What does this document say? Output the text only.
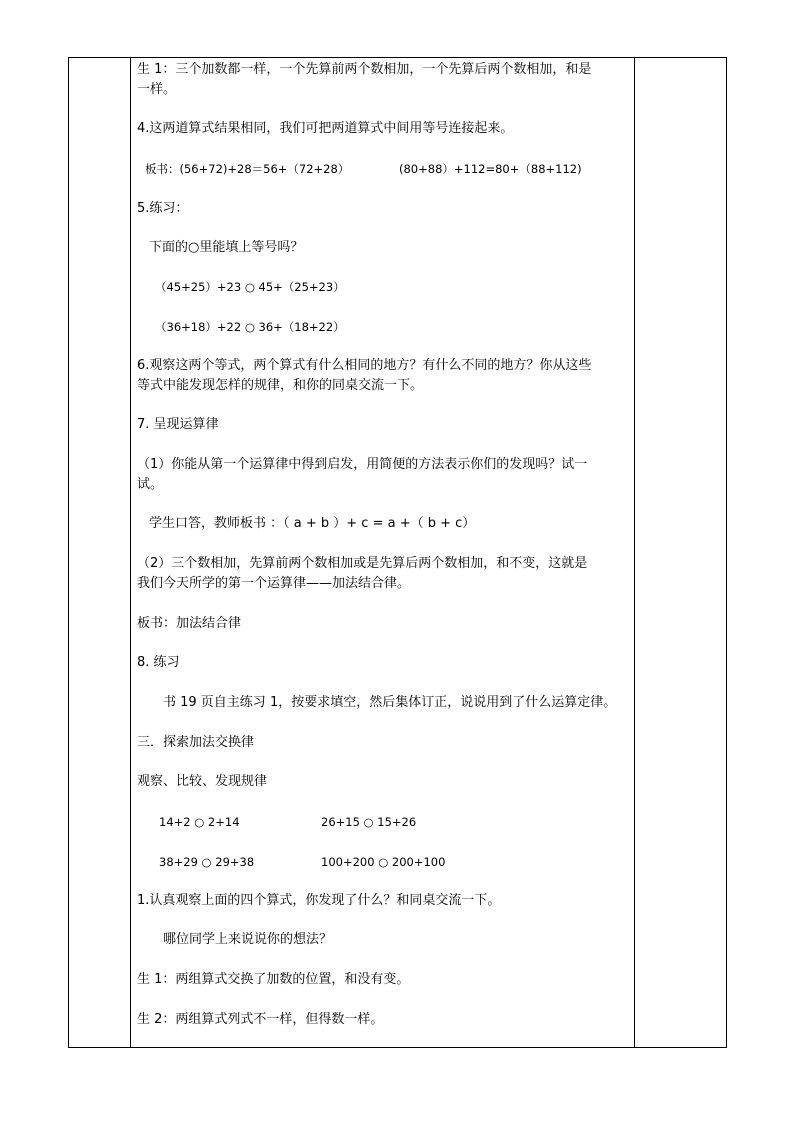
生 1：三个加数都一样，一个先算前两个数相加，一个先算后两个数相加，和是
一样。
4.这两道算式结果相同，我们可把两道算式中间用等号连接起来。
板书：(56+72)+28＝56+（72+28）	(80+88）+112=80+（88+112)
5.练习：
下面的○里能填上等号吗？
（45+25）+23 ○ 45+（25+23）
（36+18）+22 ○ 36+（18+22）
6.观察这两个等式，两个算式有什么相同的地方？有什么不同的地方？你从这些
等式中能发现怎样的规律，和你的同桌交流一下。
7. 呈现运算律
（1）你能从第一个运算律中得到启发，用简便的方法表示你们的发现吗？试一
试。
学生口答，教师板书 ：（ a + b ）+ c = a +（ b + c）
（2）三个数相加，先算前两个数相加或是先算后两个数相加，和不变，这就是
我们今天所学的第一个运算律——加法结合律。
板书：加法结合律
8. 练习
书 19 页自主练习 1，按要求填空，然后集体订正，说说用到了什么运算定律。
三．探索加法交换律
观察、比较、发现规律
14+2 ○ 2+14	26+15 ○ 15+26
38+29 ○ 29+38	100+200 ○ 200+100
1.认真观察上面的四个算式，你发现了什么？和同桌交流一下。
哪位同学上来说说你的想法？
生 1：两组算式交换了加数的位置，和没有变。
生 2：两组算式列式不一样，但得数一样。
